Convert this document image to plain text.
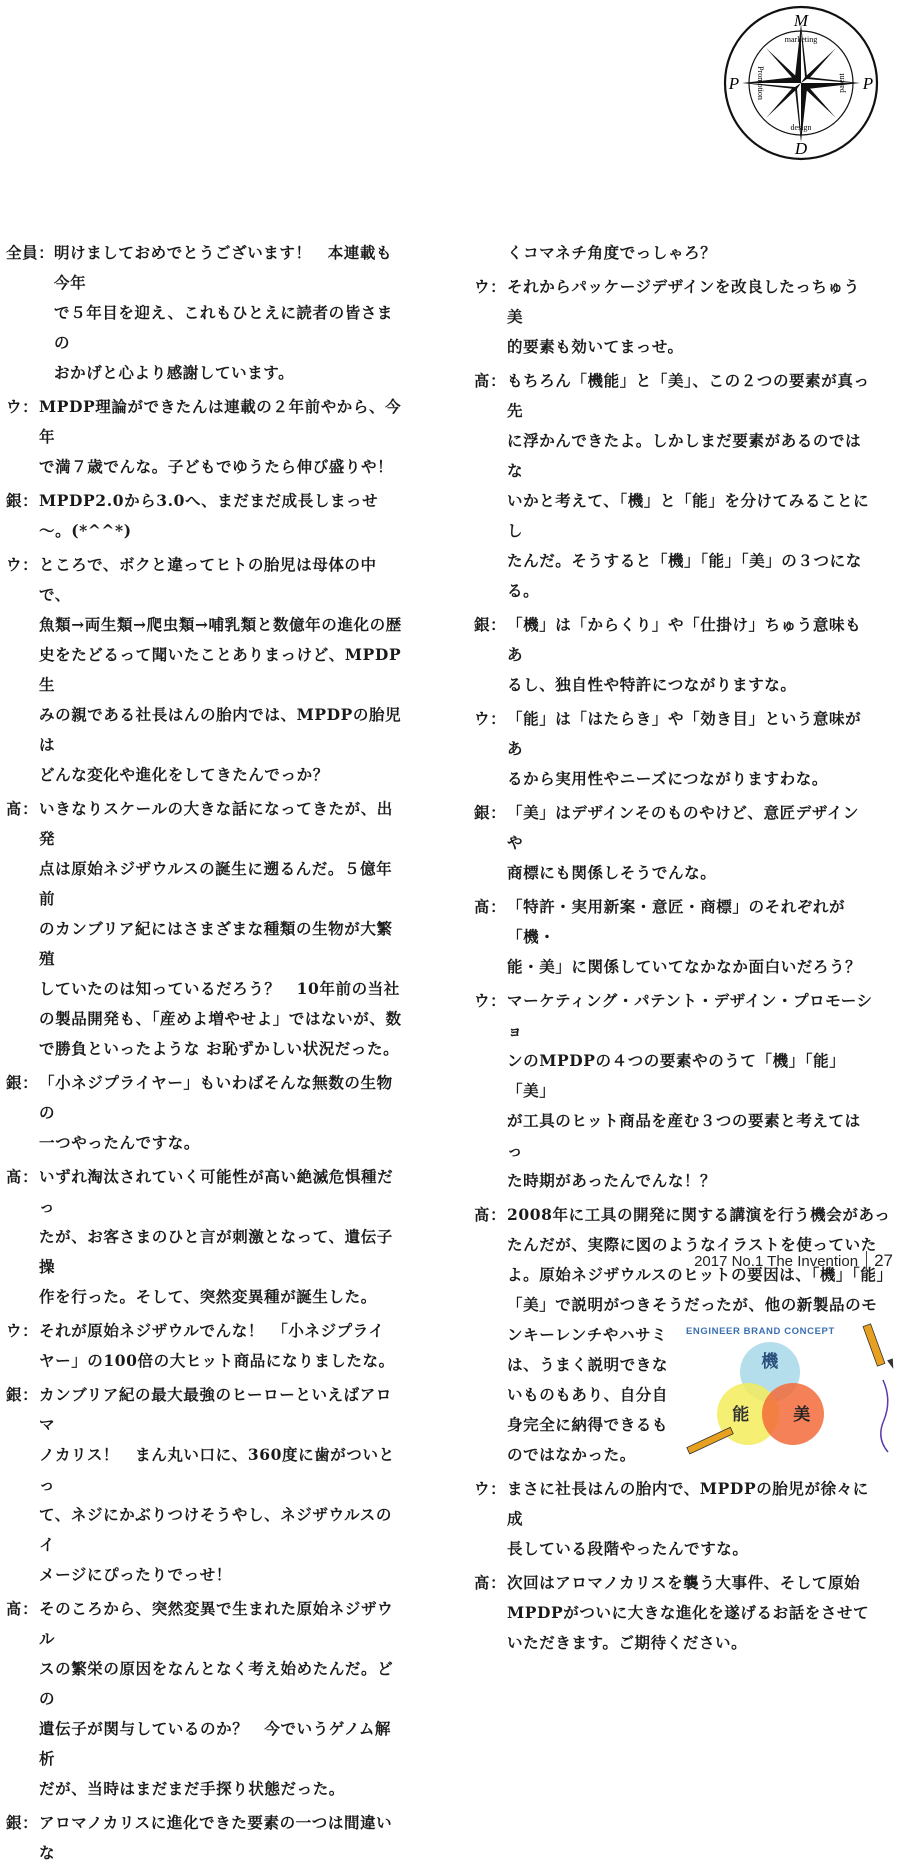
M
P	P
D
marketing
design
Promotion	patent
全員： 明けましておめでとうございます！　本連載も今年
で５年目を迎え、これもひとえに読者の皆さまの
おかげと心より感謝しています。
ウ： MPDP理論ができたんは連載の２年前やから、今年
で満７歳でんな。子どもでゆうたら伸び盛りや！
銀： MPDP2.0から3.0へ、まだまだ成長しまっせ～。(*^^*)
ウ： ところで、ボクと違ってヒトの胎児は母体の中で、
魚類→両生類→爬虫類→哺乳類と数億年の進化の歴
史をたどるって聞いたことありまっけど、MPDP生
みの親である社長はんの胎内では、MPDPの胎児は
どんな変化や進化をしてきたんでっか？
髙： いきなりスケールの大きな話になってきたが、出発
点は原始ネジザウルスの誕生に遡るんだ。５億年前
のカンブリア紀にはさまざまな種類の生物が大繁殖
していたのは知っているだろう？　10年前の当社
の製品開発も、「産めよ増やせよ」ではないが、数
で勝負といったような お恥ずかしい状況だった。
銀： 「小ネジプライヤー」もいわばそんな無数の生物の
一つやったんですな。
髙： いずれ淘汰されていく可能性が高い絶滅危惧種だっ
たが、お客さまのひと言が刺激となって、遺伝子操
作を行った。そして、突然変異種が誕生した。
ウ： それが原始ネジザウルでんな！　「小ネジプライ
ヤー」の100倍の大ヒット商品になりましたな。
銀： カンブリア紀の最大最強のヒーローといえばアロマ
ノカリス！　まん丸い口に、360度に歯がついとっ
て、ネジにかぶりつけそうやし、ネジザウルスのイ
メージにぴったりでっせ！
髙： そのころから、突然変異で生まれた原始ネジザウル
スの繁栄の原因をなんとなく考え始めたんだ。どの
遺伝子が関与しているのか？　今でいうゲノム解析
だが、当時はまだまだ手探り状態だった。
銀： アロマノカリスに進化できた要素の一つは間違いな
くコマネチ角度でっしゃろ？
ウ： それからパッケージデザインを改良したっちゅう美
的要素も効いてまっせ。
髙： もちろん「機能」と「美」、この２つの要素が真っ先
に浮かんできたよ。しかしまだ要素があるのではな
いかと考えて、「機」と「能」を分けてみることにし
たんだ。そうすると「機」「能」「美」の３つになる。
銀： 「機」は「からくり」や「仕掛け」ちゅう意味もあ
るし、独自性や特許につながりますな。
ウ： 「能」は「はたらき」や「効き目」という意味があ
るから実用性やニーズにつながりますわな。
銀： 「美」はデザインそのものやけど、意匠デザインや
商標にも関係しそうでんな。
髙： 「特許・実用新案・意匠・商標」のそれぞれが「機・
能・美」に関係していてなかなか面白いだろう？
ウ： マーケティング・パテント・デザイン・プロモーショ
ンのMPDPの４つの要素やのうて「機」「能」「美」
が工具のヒット商品を産む３つの要素と考えてはっ
た時期があったんでんな！？
髙： 2008年に工具の開発に関する講演を行う機会があっ
たんだが、実際に図のようなイラストを使っていた
よ。原始ネジザウルスのヒットの要因は、「機」「能」
「美」で説明がつきそうだったが、他の新製品のモ
ンキーレンチやハサミ
は、うまく説明できな
いものもあり、自分自
身完全に納得できるも
のではなかった。
ENGINEER BRAND CONCEPT
機
能	美
ウ： まさに社長はんの胎内で、MPDPの胎児が徐々に成
長している段階やったんですな。
髙： 次回はアロマノカリスを襲う大事件、そして原始
MPDPがついに大きな進化を遂げるお話をさせて
いただきます。ご期待ください。
2017 No.1 The Invention 27
